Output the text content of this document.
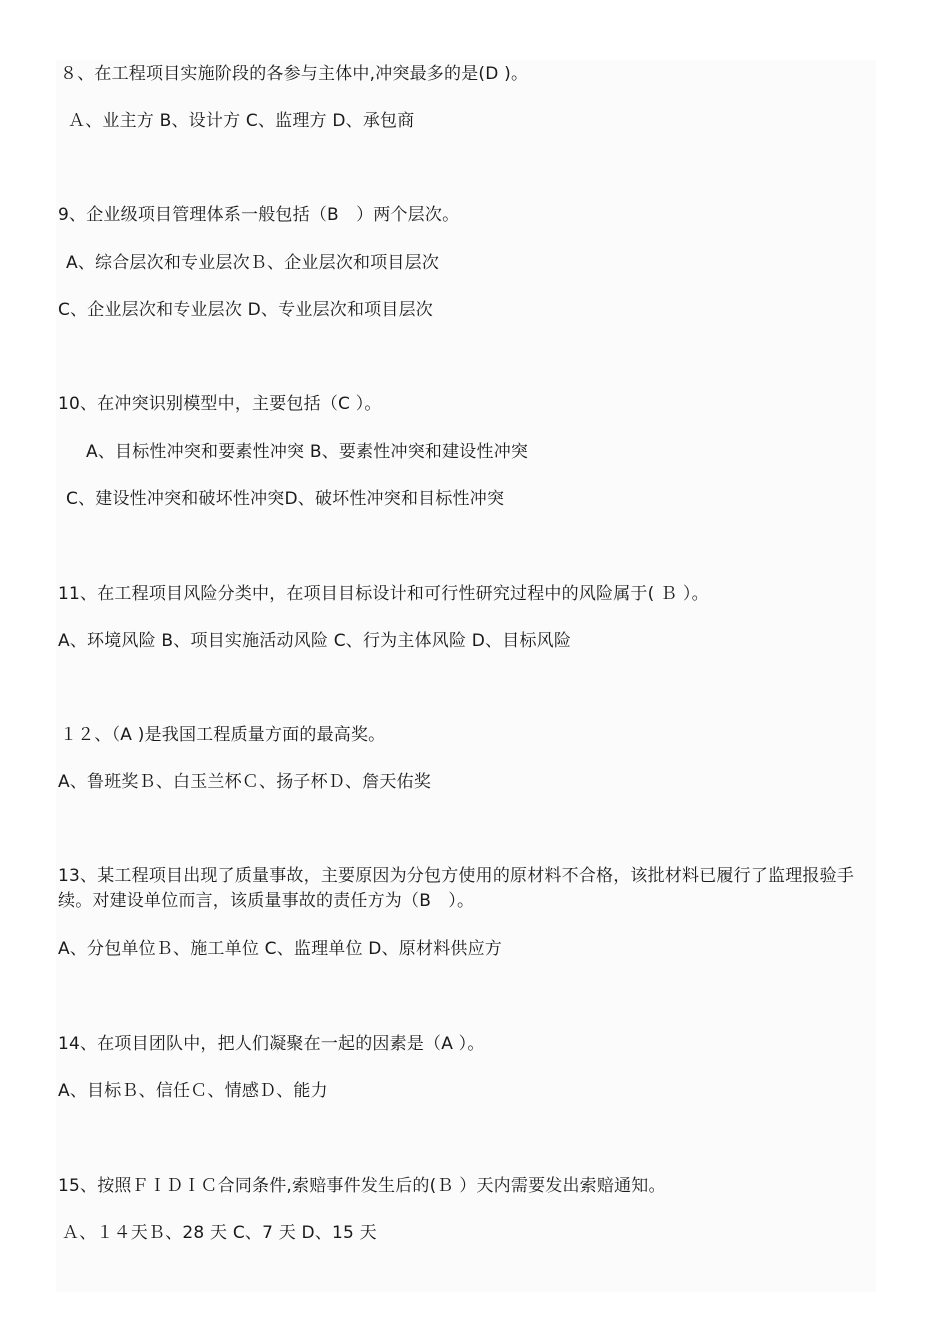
８、在工程项目实施阶段的各参与主体中,冲突最多的是(D )。
Ａ、业主方 B、设计方 C、监理方 D、承包商
9、企业级项目管理体系一般包括（B　）两个层次。
A、综合层次和专业层次Ｂ、企业层次和项目层次
C、企业层次和专业层次 D、专业层次和项目层次
10、在冲突识别模型中，主要包括（C ）。
A、目标性冲突和要素性冲突 B、要素性冲突和建设性冲突
C、建设性冲突和破坏性冲突D、破坏性冲突和目标性冲突
11、在工程项目风险分类中，在项目目标设计和可行性研究过程中的风险属于( Ｂ ）。
A、环境风险 B、项目实施活动风险 C、行为主体风险 D、目标风险
１２、（A )是我国工程质量方面的最高奖。
A、鲁班奖Ｂ、白玉兰杯Ｃ、扬子杯Ｄ、詹天佑奖
13、某工程项目出现了质量事故，主要原因为分包方使用的原材料不合格，该批材料已履行了监理报验手续。对建设单位而言，该质量事故的责任方为（B　）。
A、分包单位Ｂ、施工单位 C、监理单位 D、原材料供应方
14、在项目团队中，把人们凝聚在一起的因素是（A ）。
A、目标Ｂ、信任Ｃ、情感Ｄ、能力
15、按照ＦＩＤＩＣ合同条件,索赔事件发生后的(Ｂ ）天内需要发出索赔通知。
Ａ、１４天Ｂ、28 天 C、7 天 D、15 天
